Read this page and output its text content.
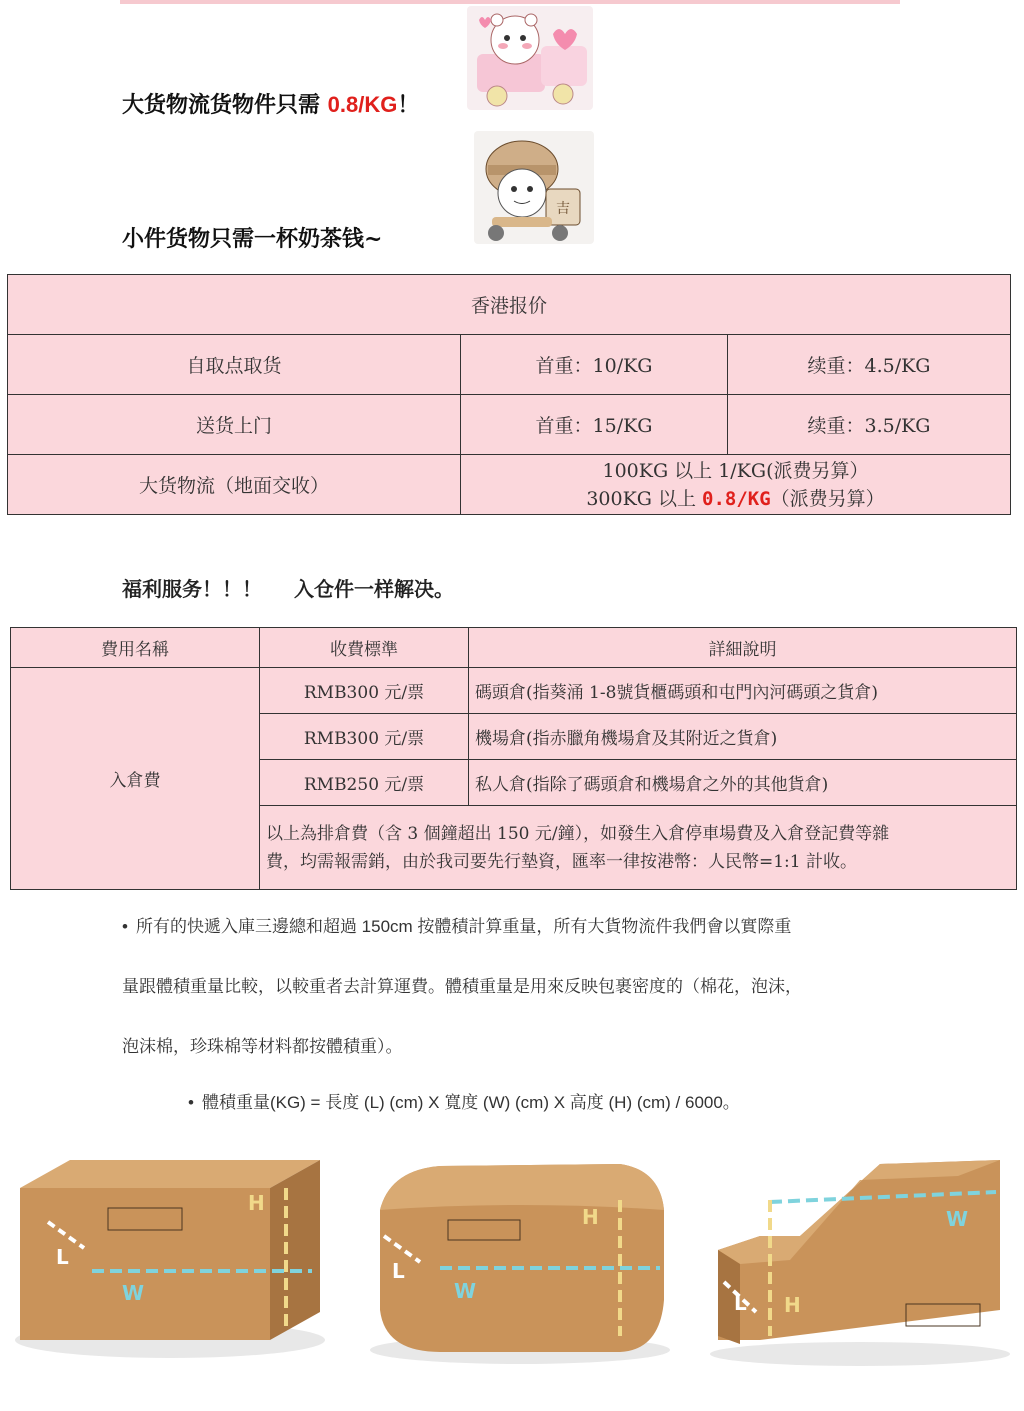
大货物流货物件只需 0.8/KG！
小件货物只需一杯奶茶钱~
吉
香港报价		
自取点取货	首重：10/KG	续重：4.5/KG
送货上门	首重：15/KG	续重：3.5/KG
大货物流（地面交收）	100KG 以上 1/KG(派费另算）
300KG 以上 0.8/KG（派费另算）	
福利服务！！！ 入仓件一样解决。
費用名稱	收費標準	詳細說明
入倉費	RMB300 元/票	碼頭倉(指葵涌 1-8號貨櫃碼頭和屯門內河碼頭之貨倉)
	RMB300 元/票	機場倉(指赤臘角機場倉及其附近之貨倉)
	RMB250 元/票	私人倉(指除了碼頭倉和機場倉之外的其他貨倉)

	以上為排倉費（含 3 個鐘超出 150 元/鐘），如發生入倉停車場費及入倉登記費等雜
費，均需報需銷，由於我司要先行墊資，匯率一律按港幣：人民幣=1:1 計收。	
• 所有的快遞入庫三邊總和超過 150cm 按體積計算重量，所有大貨物流件我們會以實際重
量跟體積重量比較，以較重者去計算運費。體積重量是用來反映包裹密度的（棉花，泡沫，
泡沫棉，珍珠棉等材料都按體積重）。
• 體積重量(KG) = 長度 (L) (cm) X 寬度 (W) (cm) X 高度 (H) (cm) / 6000。
H
W
L
H
W
L
H
W
L
